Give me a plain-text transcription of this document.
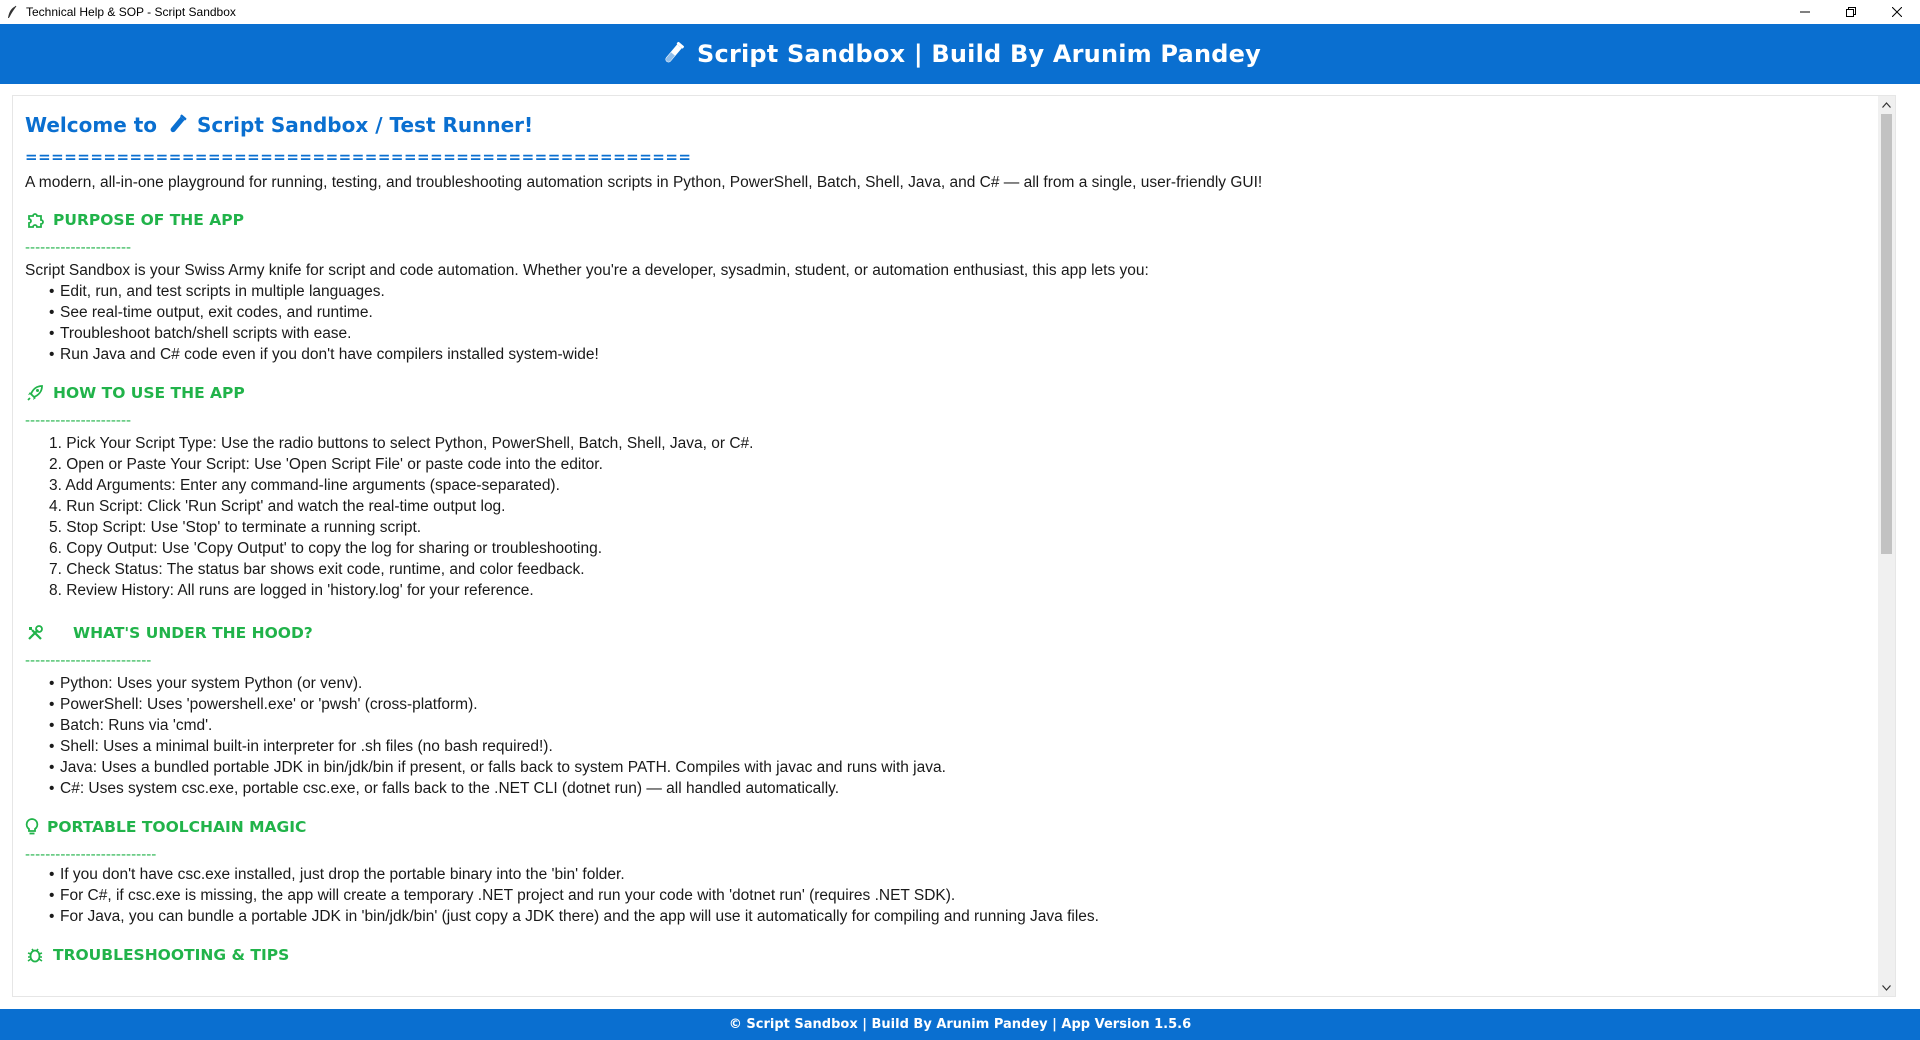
Technical Help & SOP - Script Sandbox
Script Sandbox | Build By Arunim Pandey
Welcome to Script Sandbox / Test Runner!
===================================================
A modern, all-in-one playground for running, testing, and troubleshooting automation scripts in Python, PowerShell, Batch, Shell, Java, and C# — all from a single, user-friendly GUI!
PURPOSE OF THE APP
---------------------
Script Sandbox is your Swiss Army knife for script and code automation. Whether you're a developer, sysadmin, student, or automation enthusiast, this app lets you:
• Edit, run, and test scripts in multiple languages.
• See real-time output, exit codes, and runtime.
• Troubleshoot batch/shell scripts with ease.
• Run Java and C# code even if you don't have compilers installed system-wide!
HOW TO USE THE APP
---------------------
1. Pick Your Script Type: Use the radio buttons to select Python, PowerShell, Batch, Shell, Java, or C#.
2. Open or Paste Your Script: Use 'Open Script File' or paste code into the editor.
3. Add Arguments: Enter any command-line arguments (space-separated).
4. Run Script: Click 'Run Script' and watch the real-time output log.
5. Stop Script: Use 'Stop' to terminate a running script.
6. Copy Output: Use 'Copy Output' to copy the log for sharing or troubleshooting.
7. Check Status: The status bar shows exit code, runtime, and color feedback.
8. Review History: All runs are logged in 'history.log' for your reference.
WHAT'S UNDER THE HOOD?
-------------------------
• Python: Uses your system Python (or venv).
• PowerShell: Uses 'powershell.exe' or 'pwsh' (cross-platform).
• Batch: Runs via 'cmd'.
• Shell: Uses a minimal built-in interpreter for .sh files (no bash required!).
• Java: Uses a bundled portable JDK in bin/jdk/bin if present, or falls back to system PATH. Compiles with javac and runs with java.
• C#: Uses system csc.exe, portable csc.exe, or falls back to the .NET CLI (dotnet run) — all handled automatically.
PORTABLE TOOLCHAIN MAGIC
--------------------------
• If you don't have csc.exe installed, just drop the portable binary into the 'bin' folder.
• For C#, if csc.exe is missing, the app will create a temporary .NET project and run your code with 'dotnet run' (requires .NET SDK).
• For Java, you can bundle a portable JDK in 'bin/jdk/bin' (just copy a JDK there) and the app will use it automatically for compiling and running Java files.
TROUBLESHOOTING & TIPS
© Script Sandbox | Build By Arunim Pandey | App Version 1.5.6
